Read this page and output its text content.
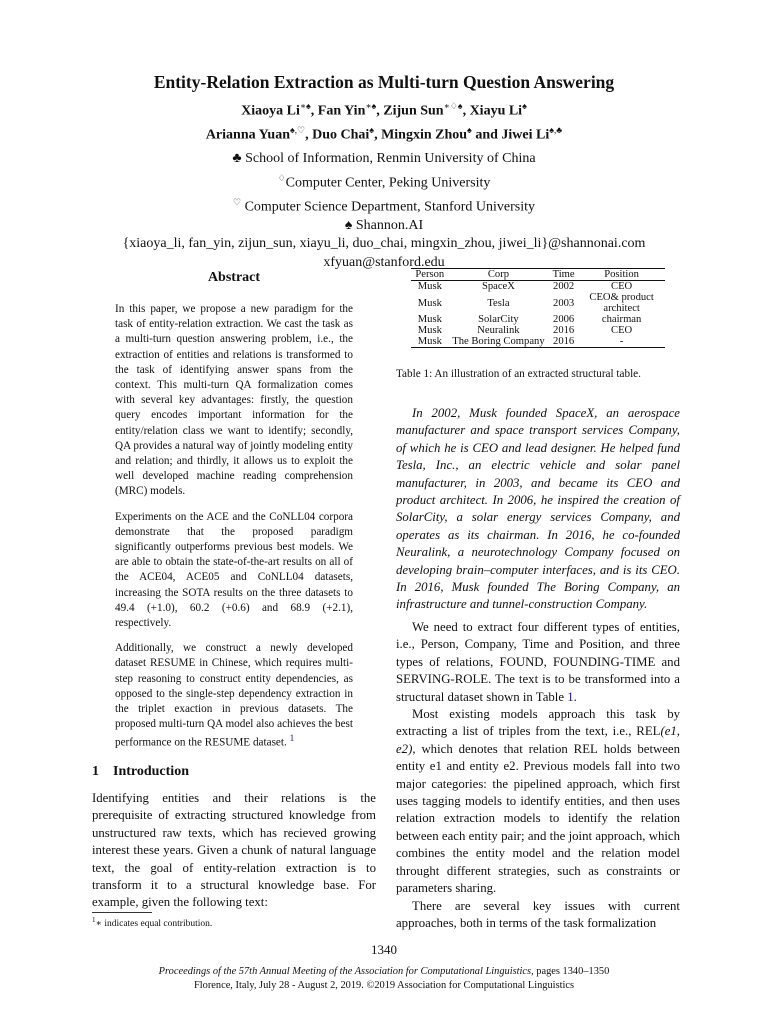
Entity-Relation Extraction as Multi-turn Question Answering
Xiaoya Li∗♠, Fan Yin∗♠, Zijun Sun∗♢♠, Xiayu Li♠
Arianna Yuan♠,♡, Duo Chai♠, Mingxin Zhou♠ and Jiwei Li♠,♣
♣ School of Information, Renmin University of China
♢Computer Center, Peking University
♡ Computer Science Department, Stanford University
♠ Shannon.AI
{xiaoya_li, fan_yin, zijun_sun, xiayu_li, duo_chai, mingxin_zhou, jiwei_li}@shannonai.com
xfyuan@stanford.edu
Abstract

In this paper, we propose a new paradigm for the task of entity-relation extraction. We cast the task as a multi-turn question answering problem, i.e., the extraction of entities and relations is transformed to the task of identifying answer spans from the context. This multi-turn QA formalization comes with several key advantages: firstly, the question query encodes important information for the entity/relation class we want to identify; secondly, QA provides a natural way of jointly modeling entity and relation; and thirdly, it allows us to exploit the well developed machine reading comprehension (MRC) models.

Experiments on the ACE and the CoNLL04 corpora demonstrate that the proposed paradigm significantly outperforms previous best models. We are able to obtain the state-of-the-art results on all of the ACE04, ACE05 and CoNLL04 datasets, increasing the SOTA results on the three datasets to 49.4 (+1.0), 60.2 (+0.6) and 68.9 (+2.1), respectively.

Additionally, we construct a newly developed dataset RESUME in Chinese, which requires multi-step reasoning to construct entity dependencies, as opposed to the single-step dependency extraction in the triplet exaction in previous datasets. The proposed multi-turn QA model also achieves the best performance on the RESUME dataset. $^1$

1 Introduction

Identifying entities and their relations is the prerequisite of extracting structured knowledge from unstructured raw texts, which has recieved growing interest these years. Given a chunk of natural language text, the goal of entity-relation extraction is to transform it to a structural knowledge base. For example, given the following text:

$^1$∗ indicates equal contribution.
Person	Corp	Time	Position
Musk	SpaceX	2002	CEO
Musk	Tesla	2003	CEO& product architect
Musk	SolarCity	2006	chairman
Musk	Neuralink	2016	CEO
Musk	The Boring Company	2016	-
Table 1: An illustration of an extracted structural table.
In 2002, Musk founded SpaceX, an aerospace manufacturer and space transport services Company, of which he is CEO and lead designer. He helped fund Tesla, Inc., an electric vehicle and solar panel manufacturer, in 2003, and became its CEO and product architect. In 2006, he inspired the creation of SolarCity, a solar energy services Company, and operates as its chairman. In 2016, he co-founded Neuralink, a neurotechnology Company focused on developing brain–computer interfaces, and is its CEO. In 2016, Musk founded The Boring Company, an infrastructure and tunnel-construction Company.

We need to extract four different types of entities, i.e., Person, Company, Time and Position, and three types of relations, FOUND, FOUNDING-TIME and SERVING-ROLE. The text is to be transformed into a structural dataset shown in Table 1.

Most existing models approach this task by extracting a list of triples from the text, i.e., REL(e1, e2), which denotes that relation REL holds between entity e1 and entity e2. Previous models fall into two major categories: the pipelined approach, which first uses tagging models to identify entities, and then uses relation extraction models to identify the relation between each entity pair; and the joint approach, which combines the entity model and the relation model throught different strategies, such as constraints or parameters sharing.

There are several key issues with current approaches, both in terms of the task formalization

1340
Proceedings of the 57th Annual Meeting of the Association for Computational Linguistics, pages 1340–1350
Florence, Italy, July 28 - August 2, 2019. ©2019 Association for Computational Linguistics
